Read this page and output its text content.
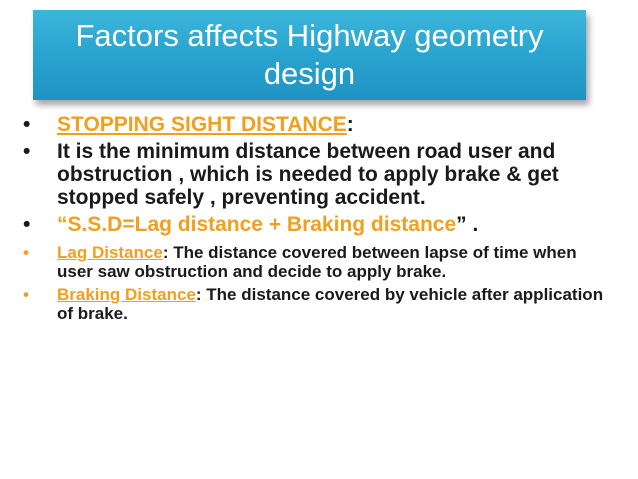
Factors affects Highway geometry design
•	STOPPING SIGHT DISTANCE:
•	It is the minimum distance between road user and obstruction , which is needed to apply brake & get stopped safely , preventing accident.
•	“S.S.D=Lag distance + Braking distance” .
•	Lag Distance: The distance covered between lapse of time when user saw obstruction and decide to apply brake.
•	Braking Distance: The distance covered by vehicle after application of brake.
